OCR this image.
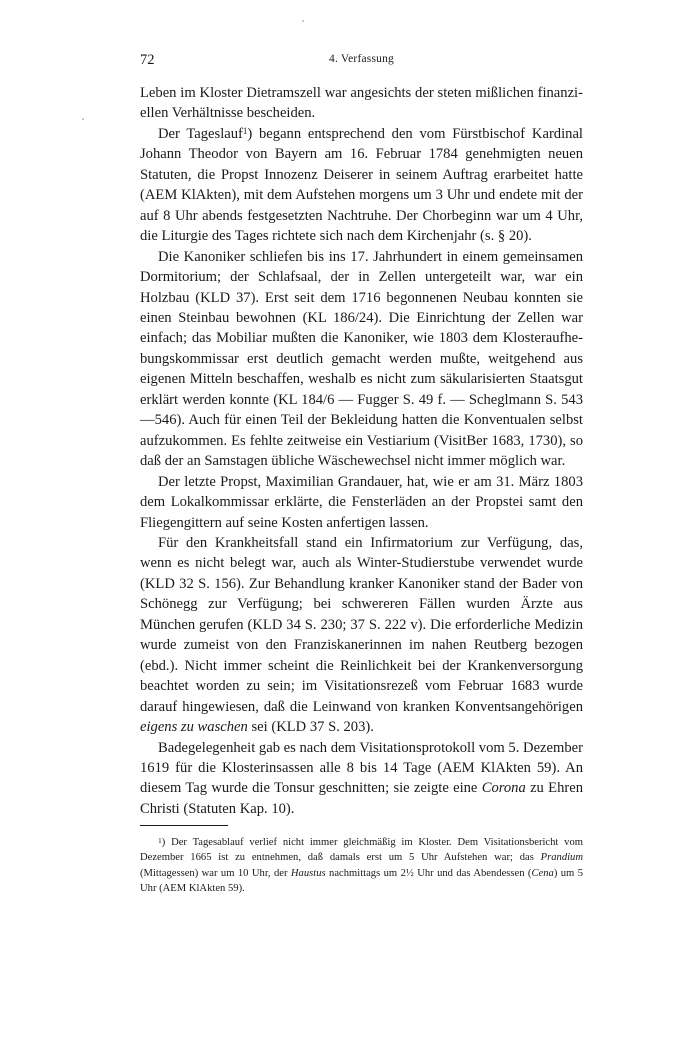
72	4. Verfassung

Leben im Kloster Dietramszell war angesichts der steten mißlichen finanziellen Verhältnisse bescheiden.

Der Tageslauf$^1$) begann entsprechend den vom Fürstbischof Kardinal Johann Theodor von Bayern am 16. Februar 1784 genehmigten neuen Statuten, die Propst Innozenz Deiserer in seinem Auftrag erarbeitet hatte (AEM KlAkten), mit dem Aufstehen morgens um 3 Uhr und endete mit der auf 8 Uhr abends festgesetzten Nachtruhe. Der Chorbeginn war um 4 Uhr, die Liturgie des Tages richtete sich nach dem Kirchenjahr (s. § 20).

Die Kanoniker schliefen bis ins 17. Jahrhundert in einem gemeinsamen Dormitorium; der Schlafsaal, der in Zellen untergeteilt war, war ein Holzbau (KLD 37). Erst seit dem 1716 begonnenen Neubau konnten sie einen Steinbau bewohnen (KL 186/24). Die Einrichtung der Zellen war einfach; das Mobiliar mußten die Kanoniker, wie 1803 dem Klosteraufhebungskommissar erst deutlich gemacht werden mußte, weitgehend aus eigenen Mitteln beschaffen, weshalb es nicht zum säkularisierten Staatsgut erklärt werden konnte (KL 184/6 — Fugger S. 49 f. — Scheglmann S. 543—546). Auch für einen Teil der Bekleidung hatten die Konventualen selbst aufzukommen. Es fehlte zeitweise ein Vestiarium (VisitBer 1683, 1730), so daß der an Samstagen übliche Wäschewechsel nicht immer möglich war.

Der letzte Propst, Maximilian Grandauer, hat, wie er am 31. März 1803 dem Lokalkommissar erklärte, die Fensterläden an der Propstei samt den Fliegengittern auf seine Kosten anfertigen lassen.

Für den Krankheitsfall stand ein Infirmatorium zur Verfügung, das, wenn es nicht belegt war, auch als Winter-Studierstube verwendet wurde (KLD 32 S. 156). Zur Behandlung kranker Kanoniker stand der Bader von Schönegg zur Verfügung; bei schwereren Fällen wurden Ärzte aus München gerufen (KLD 34 S. 230; 37 S. 222 v). Die erforderliche Medizin wurde zumeist von den Franziskanerinnen im nahen Reutberg bezogen (ebd.). Nicht immer scheint die Reinlichkeit bei der Krankenversorgung beachtet worden zu sein; im Visitationsrezeß vom Februar 1683 wurde darauf hingewiesen, daß die Leinwand von kranken Konventsangehörigen eigens zu waschen sei (KLD 37 S. 203).

Badegelegenheit gab es nach dem Visitationsprotokoll vom 5. Dezember 1619 für die Klosterinsassen alle 8 bis 14 Tage (AEM KlAkten 59). An diesem Tag wurde die Tonsur geschnitten; sie zeigte eine Corona zu Ehren Christi (Statuten Kap. 10).

$^1$) Der Tagesablauf verlief nicht immer gleichmäßig im Kloster. Dem Visitationsbericht vom Dezember 1665 ist zu entnehmen, daß damals erst um 5 Uhr Aufstehen war; das Prandium (Mittagessen) war um 10 Uhr, der Haustus nachmittags um 2½ Uhr und das Abendessen (Cena) um 5 Uhr (AEM KlAkten 59).
